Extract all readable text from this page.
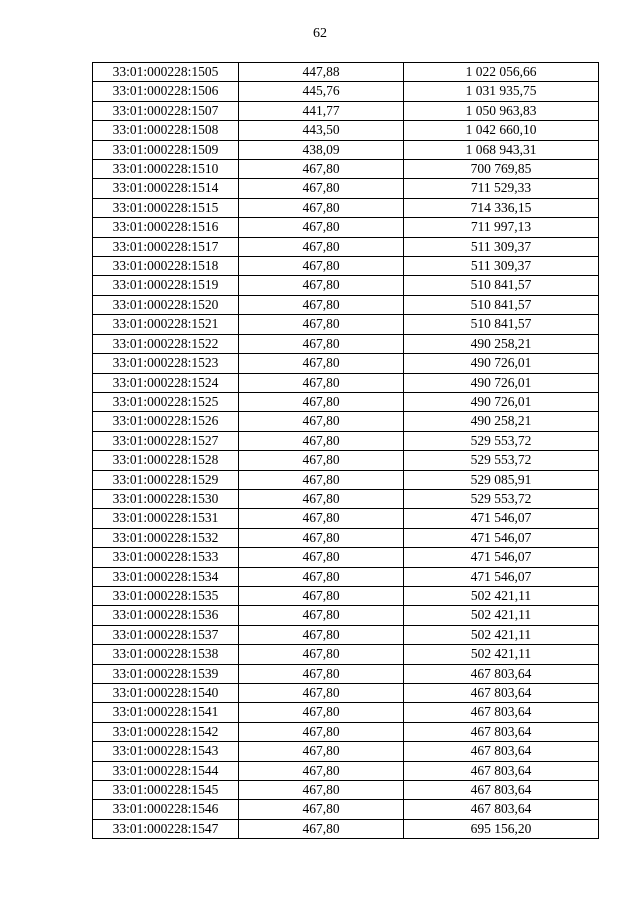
62
33:01:000228:1505	447,88	1 022 056,66
33:01:000228:1506	445,76	1 031 935,75
33:01:000228:1507	441,77	1 050 963,83
33:01:000228:1508	443,50	1 042 660,10
33:01:000228:1509	438,09	1 068 943,31
33:01:000228:1510	467,80	700 769,85
33:01:000228:1514	467,80	711 529,33
33:01:000228:1515	467,80	714 336,15
33:01:000228:1516	467,80	711 997,13
33:01:000228:1517	467,80	511 309,37
33:01:000228:1518	467,80	511 309,37
33:01:000228:1519	467,80	510 841,57
33:01:000228:1520	467,80	510 841,57
33:01:000228:1521	467,80	510 841,57
33:01:000228:1522	467,80	490 258,21
33:01:000228:1523	467,80	490 726,01
33:01:000228:1524	467,80	490 726,01
33:01:000228:1525	467,80	490 726,01
33:01:000228:1526	467,80	490 258,21
33:01:000228:1527	467,80	529 553,72
33:01:000228:1528	467,80	529 553,72
33:01:000228:1529	467,80	529 085,91
33:01:000228:1530	467,80	529 553,72
33:01:000228:1531	467,80	471 546,07
33:01:000228:1532	467,80	471 546,07
33:01:000228:1533	467,80	471 546,07
33:01:000228:1534	467,80	471 546,07
33:01:000228:1535	467,80	502 421,11
33:01:000228:1536	467,80	502 421,11
33:01:000228:1537	467,80	502 421,11
33:01:000228:1538	467,80	502 421,11
33:01:000228:1539	467,80	467 803,64
33:01:000228:1540	467,80	467 803,64
33:01:000228:1541	467,80	467 803,64
33:01:000228:1542	467,80	467 803,64
33:01:000228:1543	467,80	467 803,64
33:01:000228:1544	467,80	467 803,64
33:01:000228:1545	467,80	467 803,64
33:01:000228:1546	467,80	467 803,64
33:01:000228:1547	467,80	695 156,20
